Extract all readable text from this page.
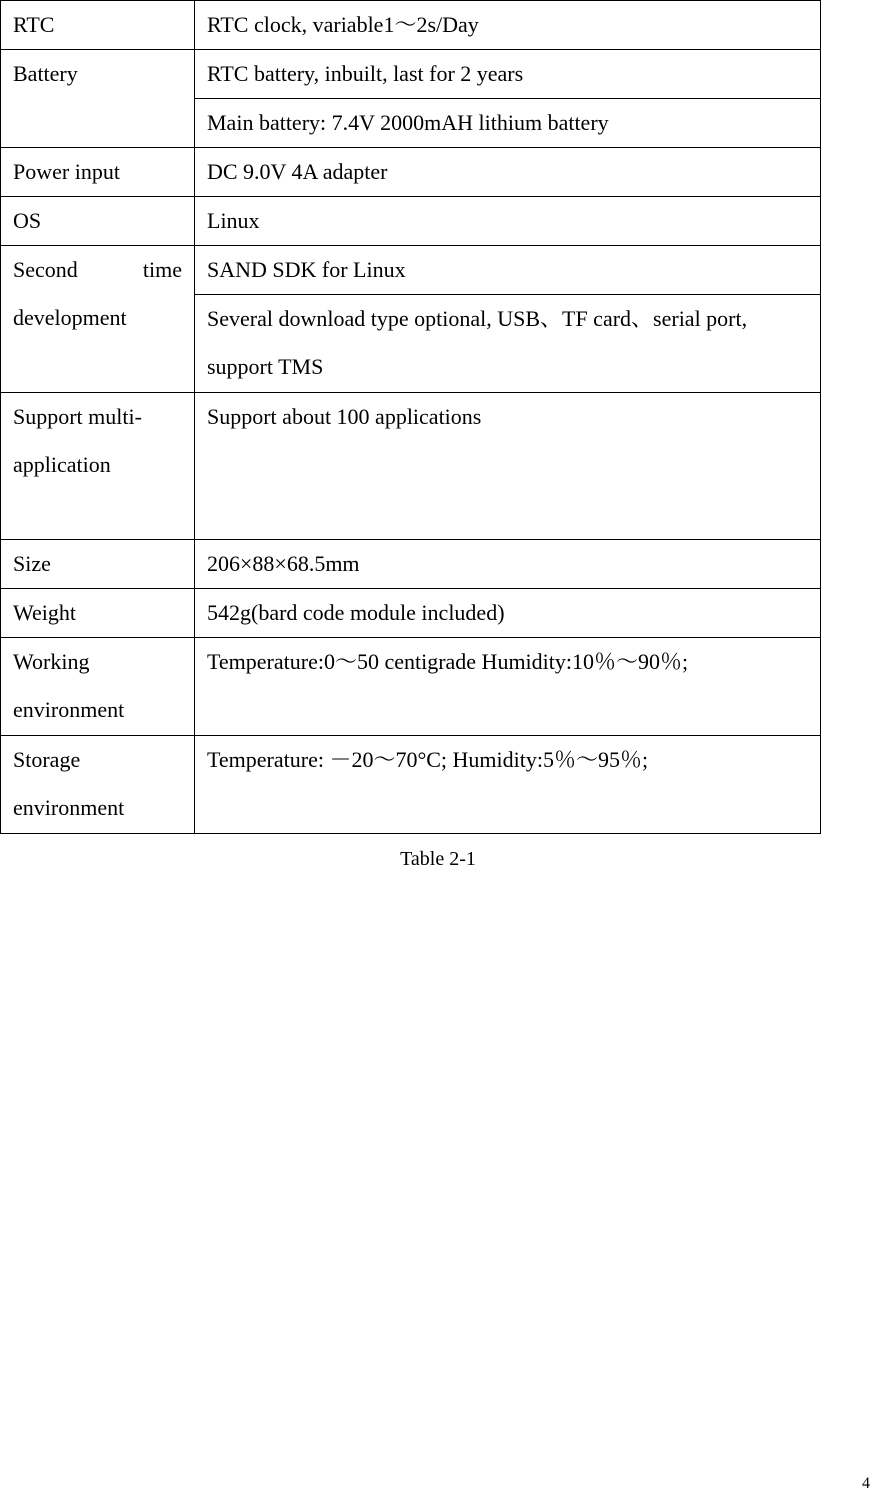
RTC	RTC clock, variable1～2s/Day
Battery	RTC battery, inbuilt, last for 2 years
	Main battery: 7.4V 2000mAH lithium battery
Power input	DC 9.0V 4A adapter
OS	Linux

Second time
development	SAND SDK for Linux
	Several download type optional, USB、TF card、serial port, support TMS
Support multi-application	Support about 100 applications
Size	206×88×68.5mm
Weight	542g(bard code module included)
Working environment	Temperature:0～50 centigrade Humidity:10％～90％;
Storage environment	Temperature: －20～70°C; Humidity:5％～95％;
Table 2-1
4
